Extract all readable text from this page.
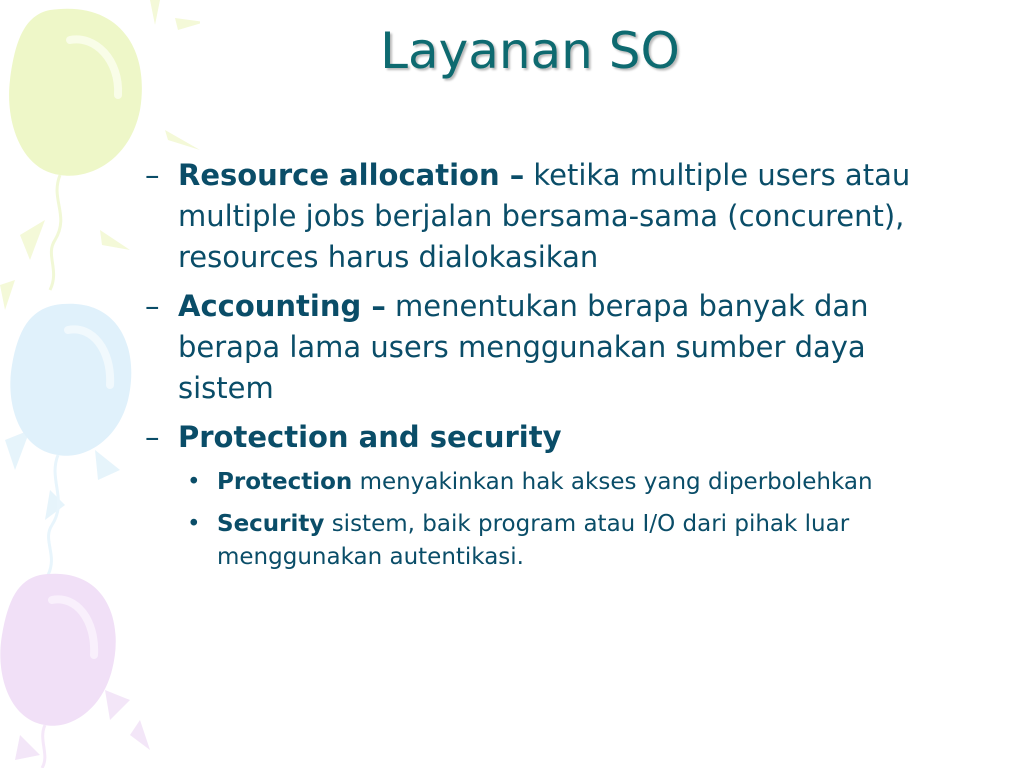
Layanan SO
– Resource allocation – ketika multiple users atau multiple jobs berjalan bersama-sama (concurent), resources harus dialokasikan
– Accounting – menentukan berapa banyak dan berapa lama users menggunakan sumber daya sistem
– Protection and security
• Protection menyakinkan hak akses yang diperbolehkan
• Security sistem, baik program atau I/O dari pihak luar menggunakan autentikasi.
